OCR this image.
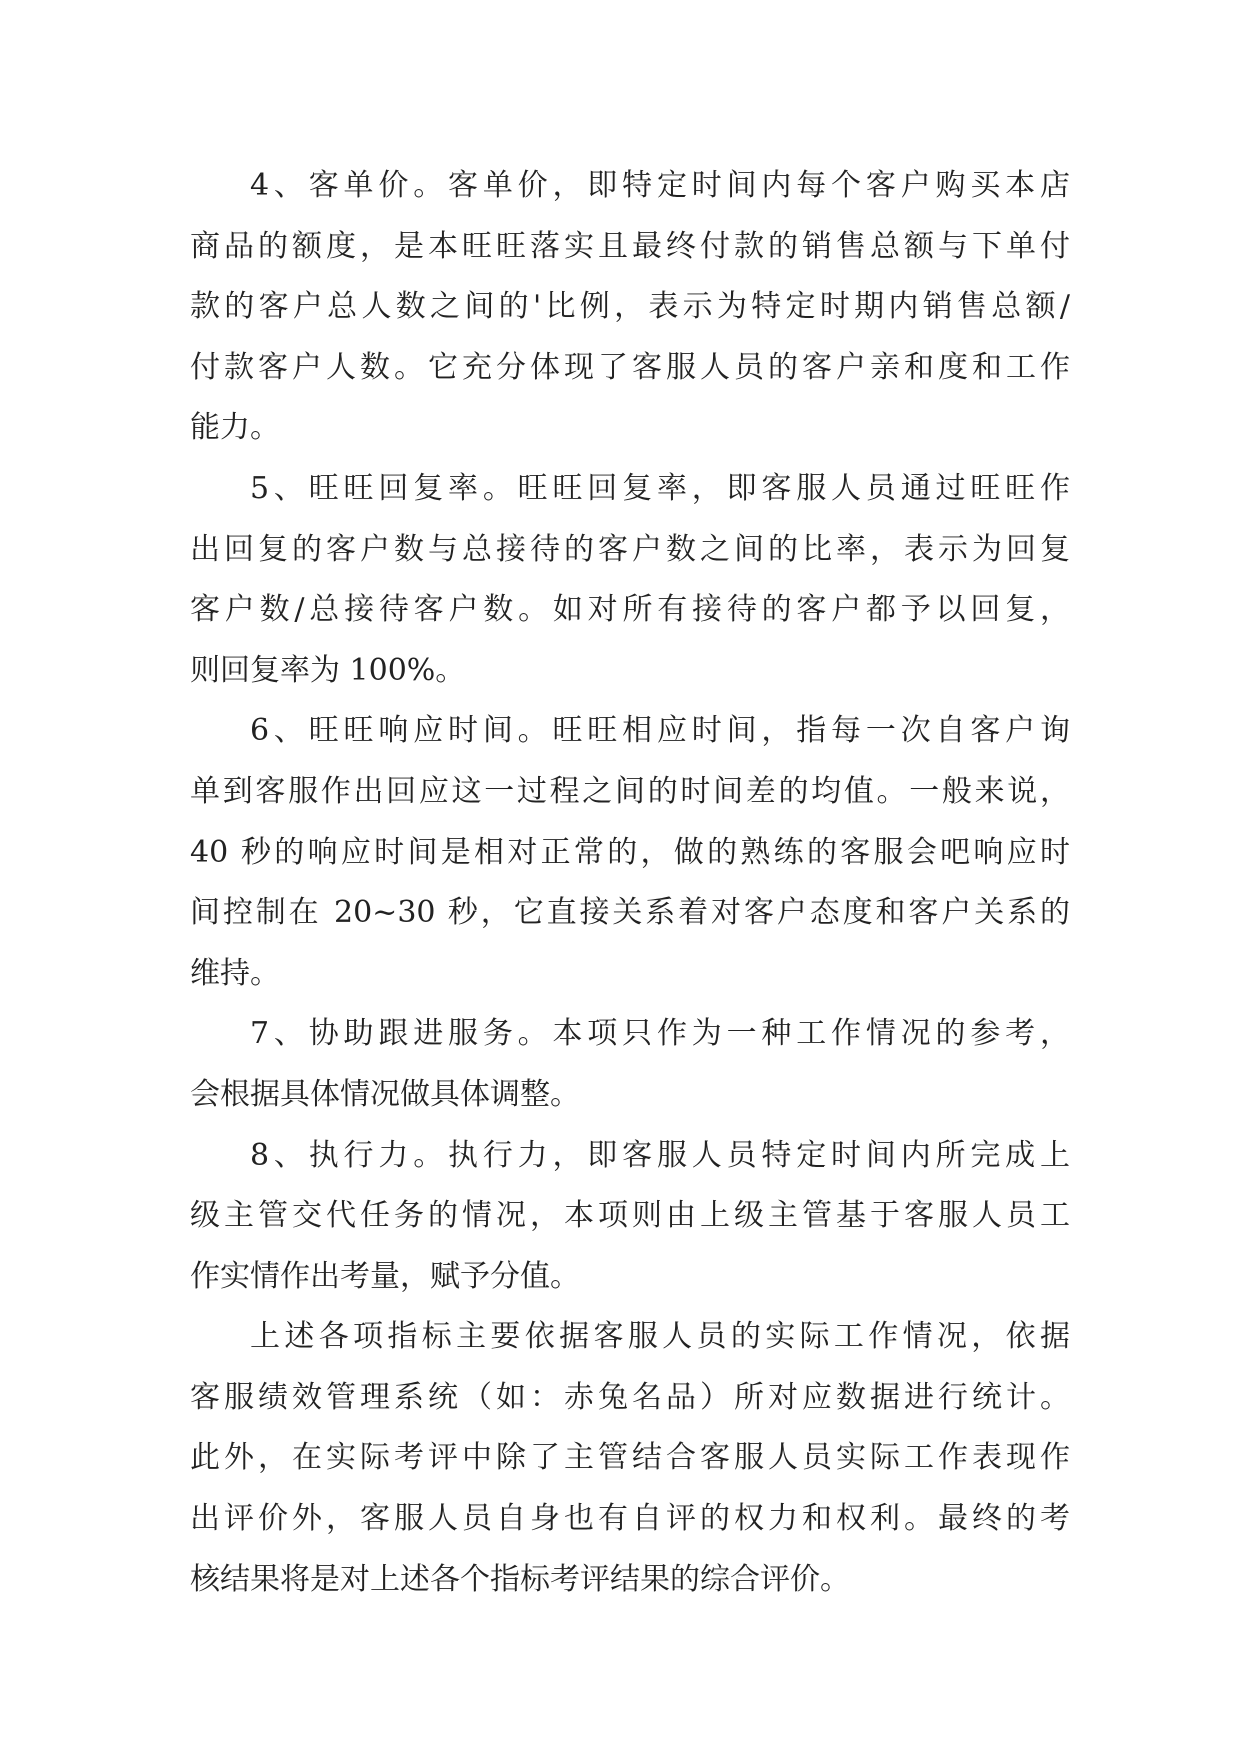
4、客单价。客单价，即特定时间内每个客户购买本店
商品的额度，是本旺旺落实且最终付款的销售总额与下单付
款的客户总人数之间的'比例，表示为特定时期内销售总额/
付款客户人数。它充分体现了客服人员的客户亲和度和工作
能力。
5、旺旺回复率。旺旺回复率，即客服人员通过旺旺作
出回复的客户数与总接待的客户数之间的比率，表示为回复
客户数/总接待客户数。如对所有接待的客户都予以回复，
则回复率为 100%。
6、旺旺响应时间。旺旺相应时间，指每一次自客户询
单到客服作出回应这一过程之间的时间差的均值。一般来说，
40 秒的响应时间是相对正常的，做的熟练的客服会吧响应时
间控制在 20~30 秒，它直接关系着对客户态度和客户关系的
维持。
7、协助跟进服务。本项只作为一种工作情况的参考，
会根据具体情况做具体调整。
8、执行力。执行力，即客服人员特定时间内所完成上
级主管交代任务的情况，本项则由上级主管基于客服人员工
作实情作出考量，赋予分值。
上述各项指标主要依据客服人员的实际工作情况，依据
客服绩效管理系统（如：赤兔名品）所对应数据进行统计。
此外，在实际考评中除了主管结合客服人员实际工作表现作
出评价外，客服人员自身也有自评的权力和权利。最终的考
核结果将是对上述各个指标考评结果的综合评价。
